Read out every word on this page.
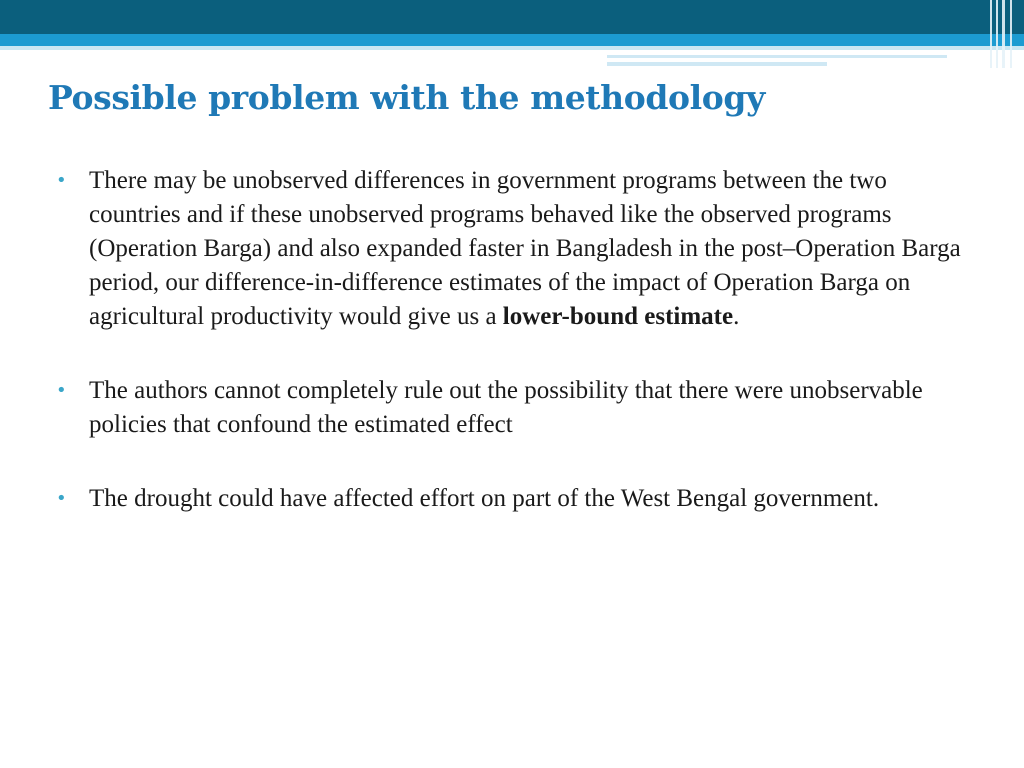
Possible problem with the methodology
• There may be unobserved differences in government programs between the two countries and if these unobserved programs behaved like the observed programs (Operation Barga) and also expanded faster in Bangladesh in the post–Operation Barga period, our difference-in-difference estimates of the impact of Operation Barga on agricultural productivity would give us a lower-bound estimate.
• The authors cannot completely rule out the possibility that there were unobservable policies that confound the estimated effect
• The drought could have affected effort on part of the West Bengal government.
